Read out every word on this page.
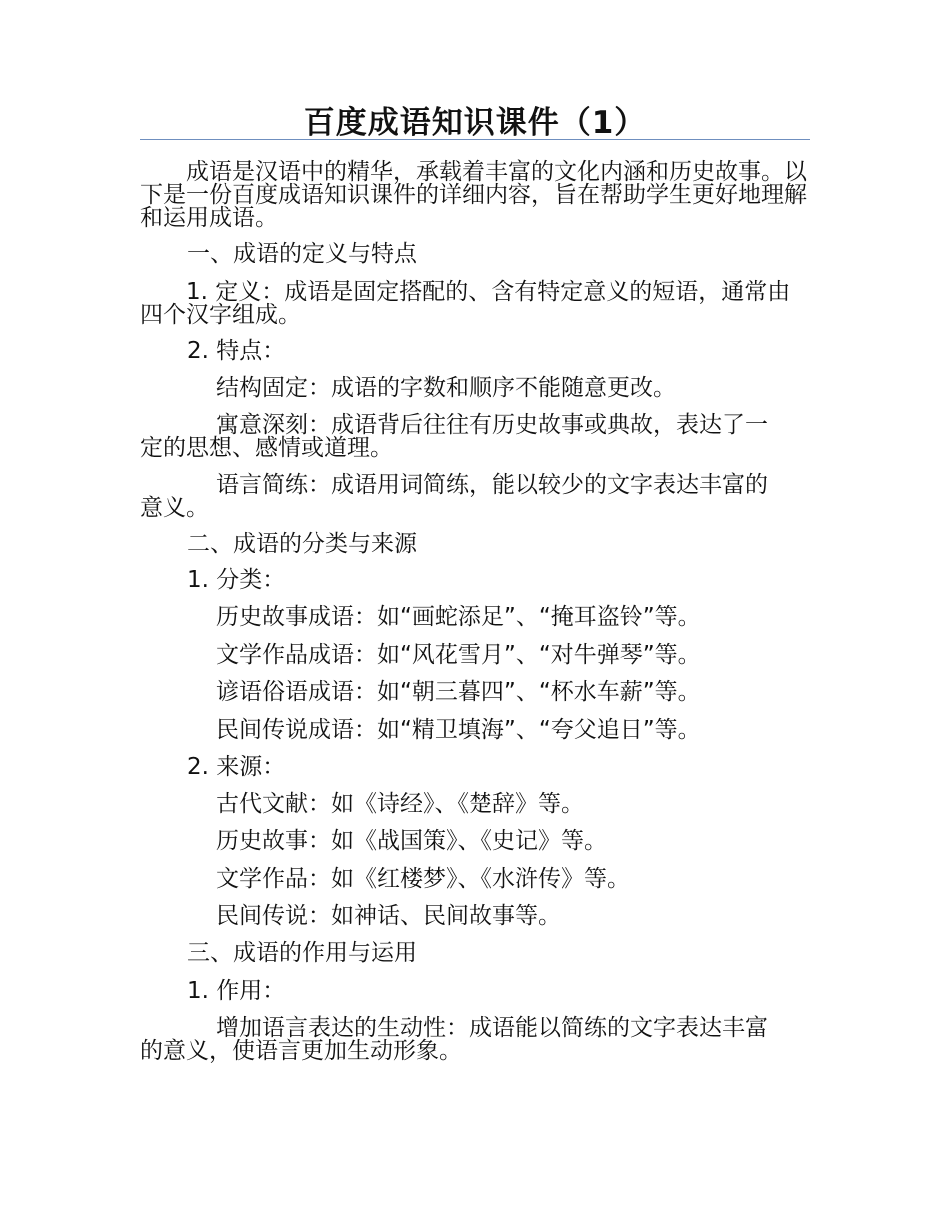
百度成语知识课件（1）
成语是汉语中的精华，承载着丰富的文化内涵和历史故事。以下是一份百度成语知识课件的详细内容，旨在帮助学生更好地理解和运用成语。
一、成语的定义与特点
1. 定义：成语是固定搭配的、含有特定意义的短语，通常由四个汉字组成。
2. 特点：
结构固定：成语的字数和顺序不能随意更改。
寓意深刻：成语背后往往有历史故事或典故，表达了一定的思想、感情或道理。
语言简练：成语用词简练，能以较少的文字表达丰富的意义。
二、成语的分类与来源
1. 分类：
历史故事成语：如“画蛇添足”、“掩耳盗铃”等。
文学作品成语：如“风花雪月”、“对牛弹琴”等。
谚语俗语成语：如“朝三暮四”、“杯水车薪”等。
民间传说成语：如“精卫填海”、“夸父追日”等。
2. 来源：
古代文献：如《诗经》、《楚辞》等。
历史故事：如《战国策》、《史记》等。
文学作品：如《红楼梦》、《水浒传》等。
民间传说：如神话、民间故事等。
三、成语的作用与运用
1. 作用：
增加语言表达的生动性：成语能以简练的文字表达丰富的意义，使语言更加生动形象。
